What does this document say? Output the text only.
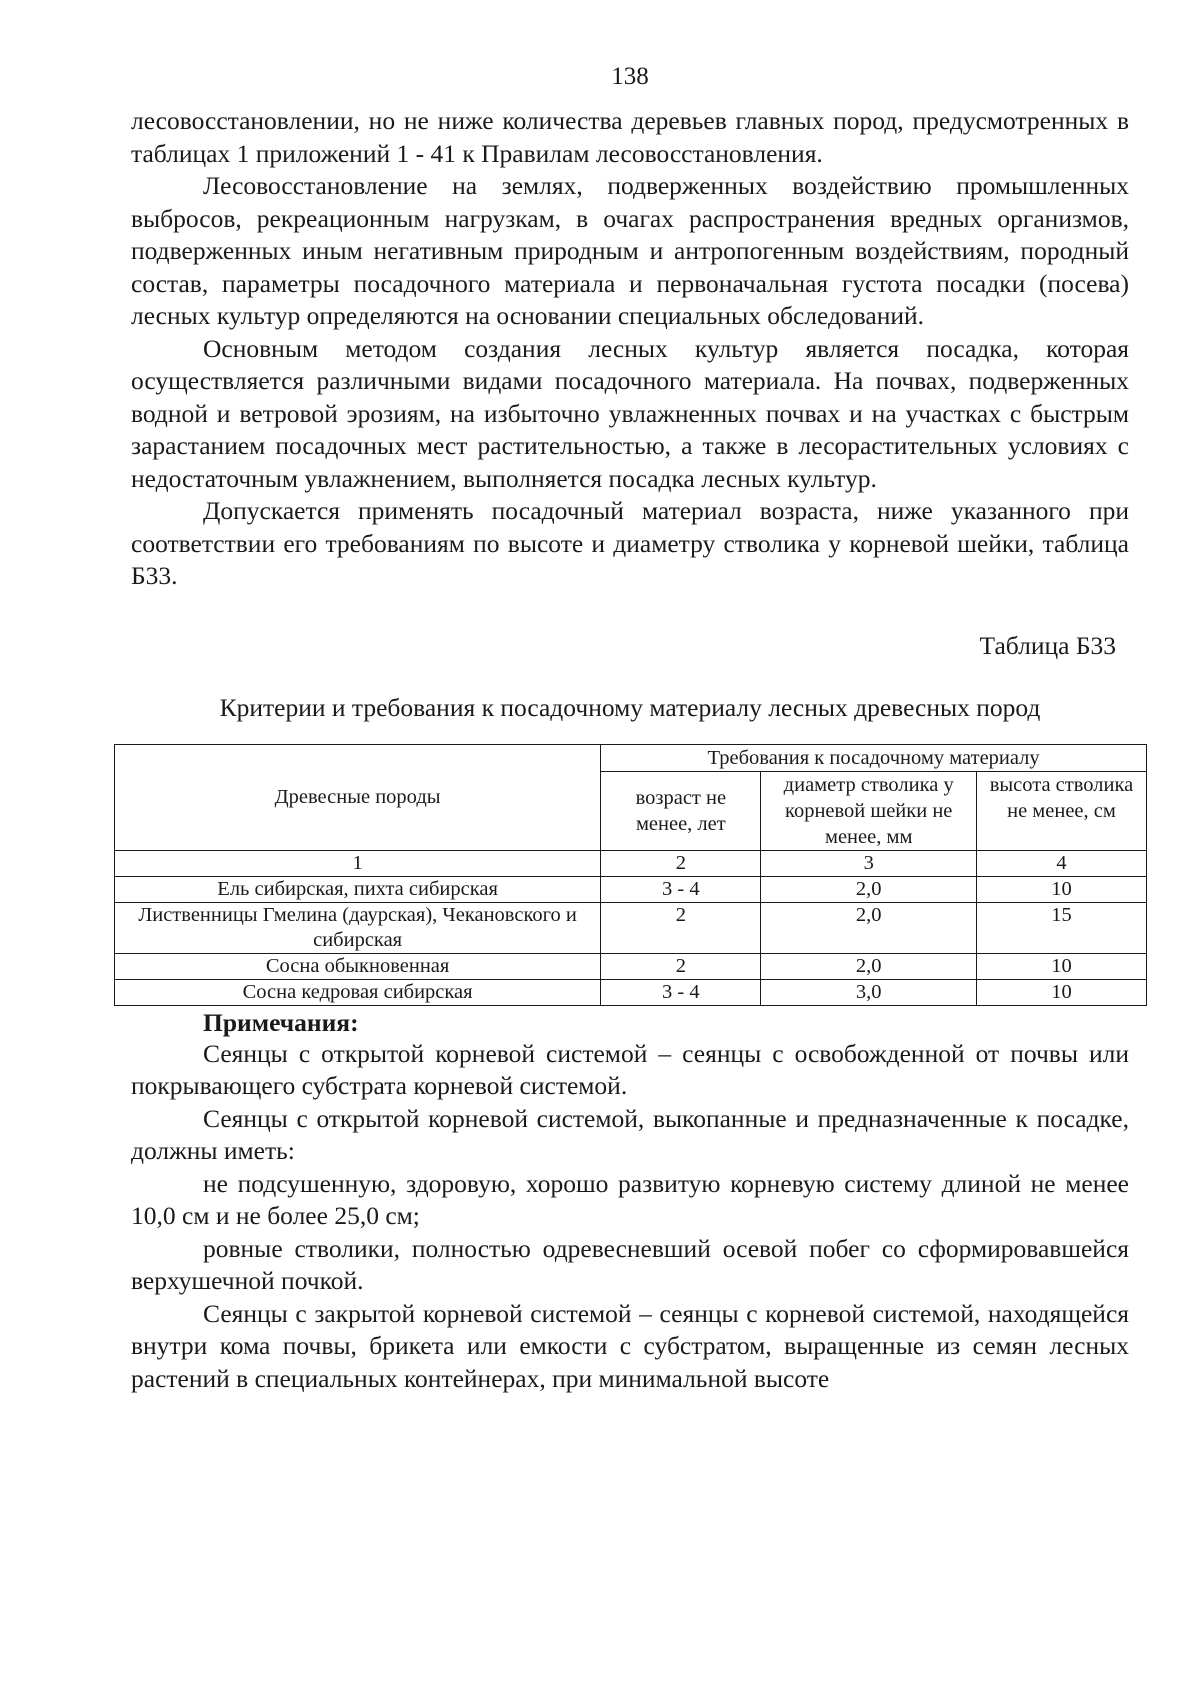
138

лесовосстановлении, но не ниже количества деревьев главных пород, предусмотренных в таблицах 1 приложений 1 - 41 к Правилам лесовосстановления.

Лесовосстановление на землях, подверженных воздействию промышленных выбросов, рекреационным нагрузкам, в очагах распространения вредных организмов, подверженных иным негативным природным и антропогенным воздействиям, породный состав, параметры посадочного материала и первоначальная густота посадки (посева) лесных культур определяются на основании специальных обследований.

Основным методом создания лесных культур является посадка, которая осуществляется различными видами посадочного материала. На почвах, подверженных водной и ветровой эрозиям, на избыточно увлажненных почвах и на участках с быстрым зарастанием посадочных мест растительностью, а также в лесорастительных условиях с недостаточным увлажнением, выполняется посадка лесных культур.

Допускается применять посадочный материал возраста, ниже указанного при соответствии его требованиям по высоте и диаметру стволика у корневой шейки, таблица Б33.

Таблица Б33
Критерии и требования к посадочному материалу лесных древесных пород
Древесные породы	Требования к посадочному материалу		
	возраст не менее, лет	диаметр стволика у корневой шейки не менее, мм	высота стволика не менее, см
1	2	3	4
Ель сибирская, пихта сибирская	3 - 4	2,0	10
Лиственницы Гмелина (даурская), Чекановского и сибирская	2	2,0	15
Сосна обыкновенная	2	2,0	10
Сосна кедровая сибирская	3 - 4	3,0	10
Примечания:

Сеянцы с открытой корневой системой – сеянцы с освобожденной от почвы или покрывающего субстрата корневой системой.

Сеянцы с открытой корневой системой, выкопанные и предназначенные к посадке, должны иметь:

не подсушенную, здоровую, хорошо развитую корневую систему длиной не менее 10,0 см и не более 25,0 см;

ровные стволики, полностью одревесневший осевой побег со сформировавшейся верхушечной почкой.

Сеянцы с закрытой корневой системой – сеянцы с корневой системой, находящейся внутри кома почвы, брикета или емкости с субстратом, выращенные из семян лесных растений в специальных контейнерах, при минимальной высоте
